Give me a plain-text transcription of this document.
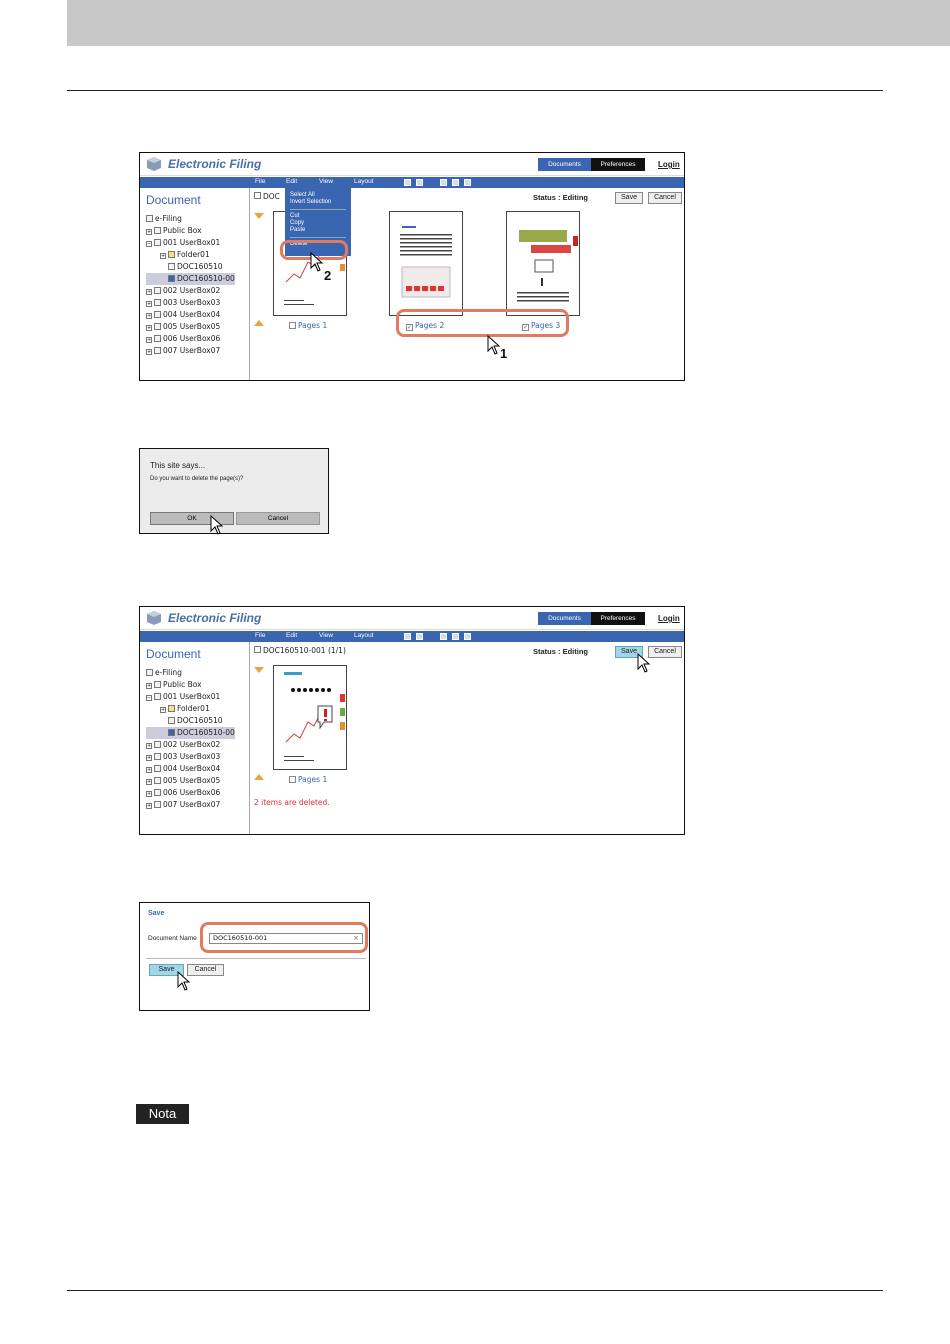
Electronic Filing	Documents	Preferences	Login
File	Edit	View	Layout
Document
e-Filing
+ Public Box
− 001 UserBox01
+ Folder01
DOC160510
DOC160510-00
+ 002 UserBox02
+ 003 UserBox03
+ 004 UserBox04
+ 005 UserBox05
+ 006 UserBox06
+ 007 UserBox07
DOC	Status : Editing	Save	Cancel
Pages 1	✓ Pages 2	✓ Pages 3
1
Select All
Invert Selection
Cut
Copy
Paste
Delete
2
This site says...
Do you want to delete the page(s)?
OK	Cancel
Electronic Filing	Documents	Preferences	Login
File	Edit	View	Layout
Document
e-Filing
+ Public Box
− 001 UserBox01
+ Folder01
DOC160510
DOC160510-00
+ 002 UserBox02
+ 003 UserBox03
+ 004 UserBox04
+ 005 UserBox05
+ 006 UserBox06
+ 007 UserBox07
DOC160510-001 (1/1)	Status : Editing	Save	Cancel
Pages 1
2 items are deleted.
Save
Document Name	DOC160510-001	×
Save	Cancel
Nota
